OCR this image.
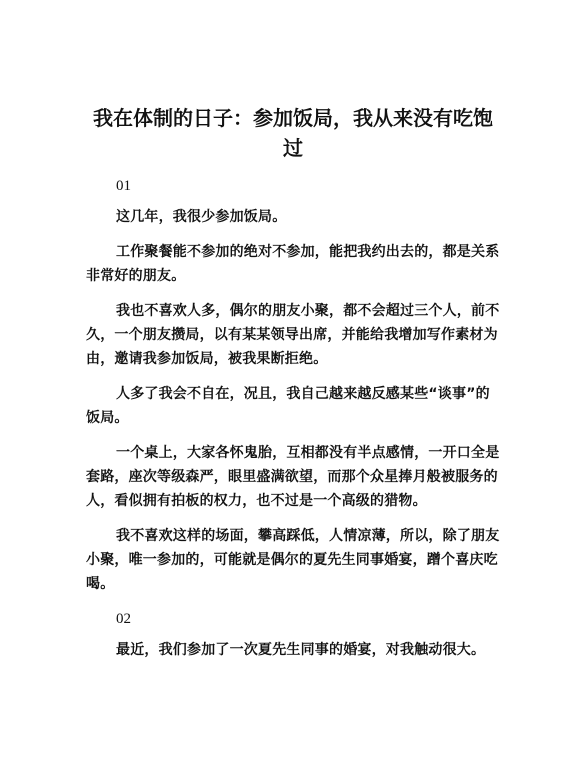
我在体制的日子：参加饭局，我从来没有吃饱过
01

这几年，我很少参加饭局。

工作聚餐能不参加的绝对不参加，能把我约出去的，都是关系非常好的朋友。

我也不喜欢人多，偶尔的朋友小聚，都不会超过三个人，前不久，一个朋友攒局，以有某某领导出席，并能给我增加写作素材为由，邀请我参加饭局，被我果断拒绝。

人多了我会不自在，况且，我自己越来越反感某些“谈事”的饭局。

一个桌上，大家各怀鬼胎，互相都没有半点感情，一开口全是套路，座次等级森严，眼里盛满欲望，而那个众星捧月般被服务的人，看似拥有拍板的权力，也不过是一个高级的猎物。

我不喜欢这样的场面，攀高踩低，人情凉薄，所以，除了朋友小聚，唯一参加的，可能就是偶尔的夏先生同事婚宴，蹭个喜庆吃喝。

02

最近，我们参加了一次夏先生同事的婚宴，对我触动很大。
